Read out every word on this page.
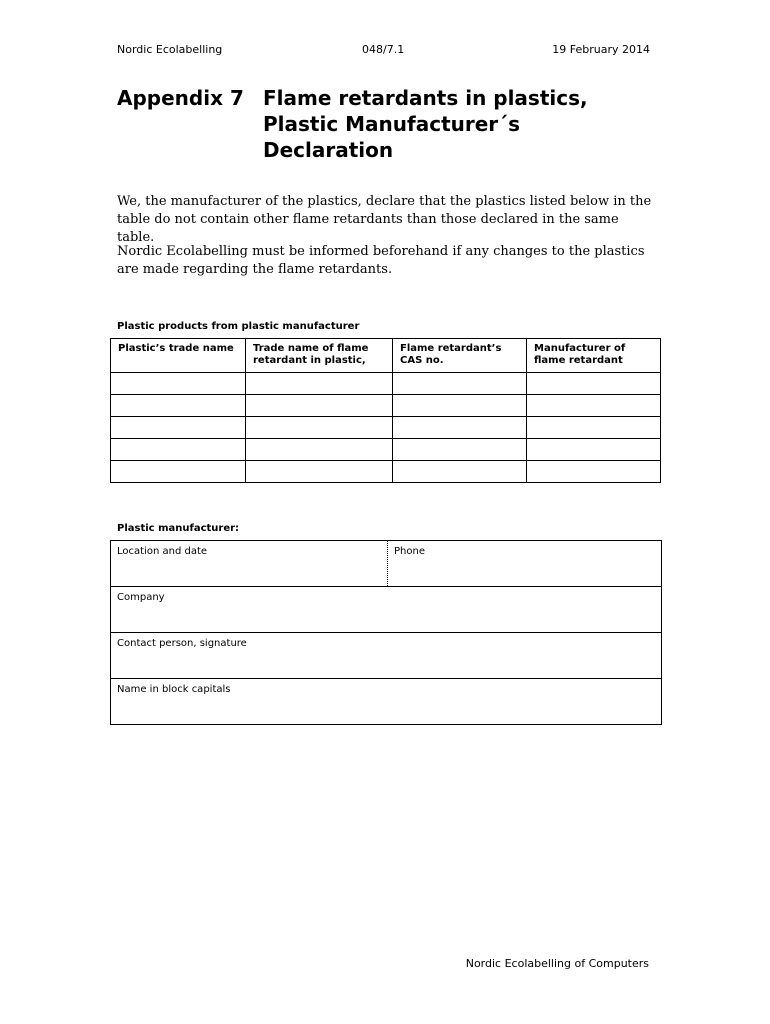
Nordic Ecolabelling	048/7.1	19 February 2014
Appendix 7 Flame retardants in plastics,
Plastic Manufacturer´s
Declaration
We, the manufacturer of the plastics, declare that the plastics listed below in the table do not contain other flame retardants than those declared in the same table.
Nordic Ecolabelling must be informed beforehand if any changes to the plastics are made regarding the flame retardants.
Plastic products from plastic manufacturer
Plastic’s trade name	Trade name of flame retardant in plastic,	Flame retardant’s CAS no.	Manufacturer of flame retardant

Plastic manufacturer:
Location and date	Phone
Company
Contact person, signature
Name in block capitals
Nordic Ecolabelling of Computers
